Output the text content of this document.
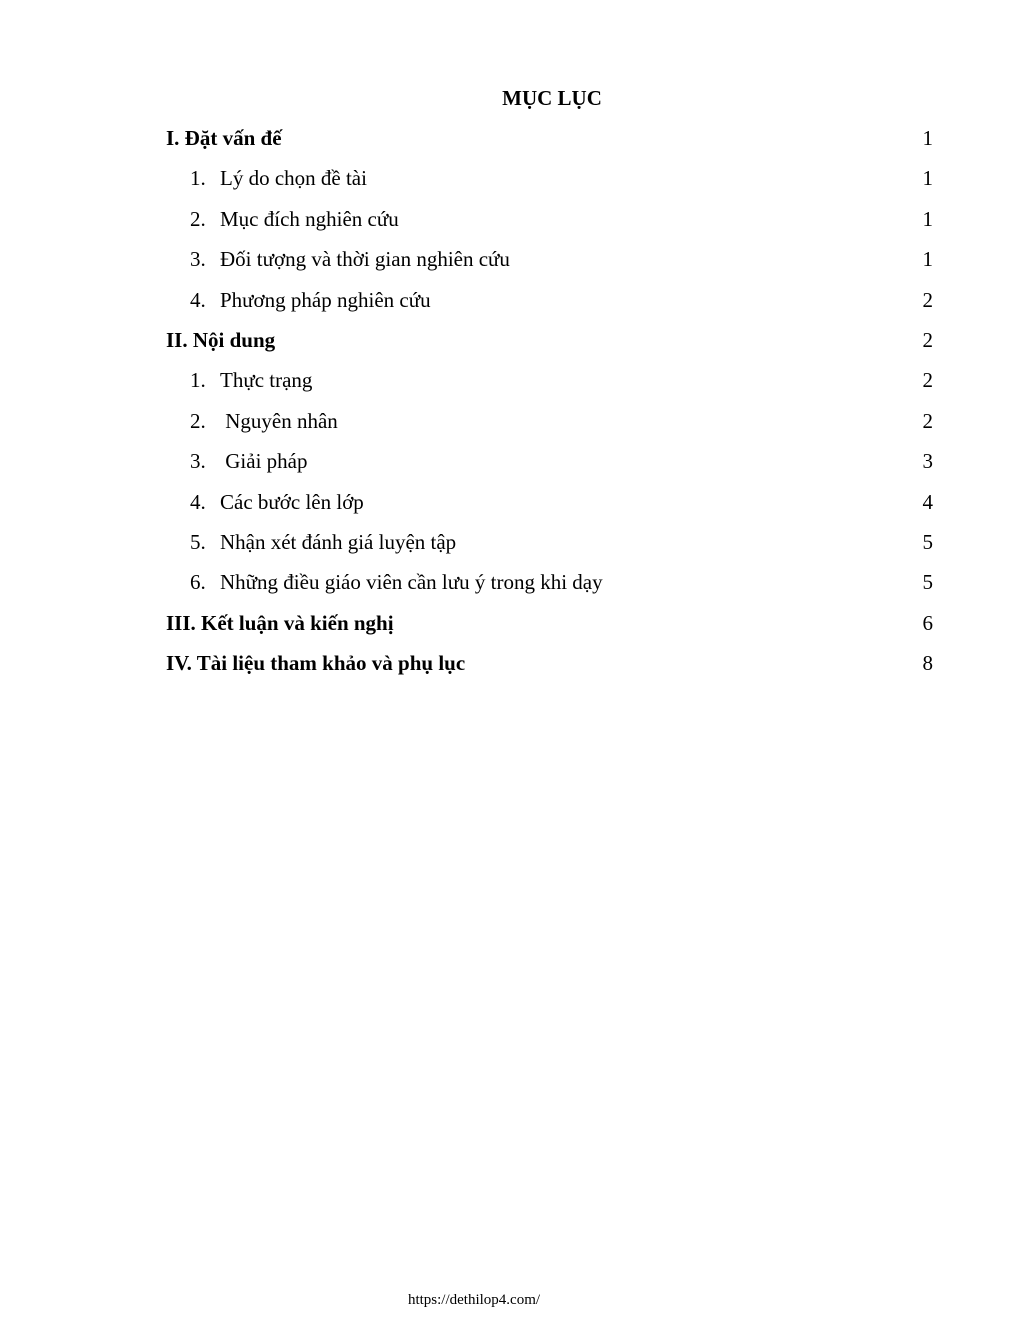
MỤC LỤC
I. Đặt vấn đế	1
1. Lý do chọn đề tài	1
2. Mục đích nghiên cứu	1
3. Đối tượng và thời gian nghiên cứu	1
4. Phương pháp nghiên cứu	2
II. Nội dung	2
1. Thực trạng	2
2. Nguyên nhân	2
3. Giải pháp	3
4. Các bước lên lớp	4
5. Nhận xét đánh giá luyện tập	5
6. Những điều giáo viên cần lưu ý trong khi dạy	5
III. Kết luận và kiến nghị	6
IV. Tài liệu tham khảo và phụ lục	8
https://dethilop4.com/
